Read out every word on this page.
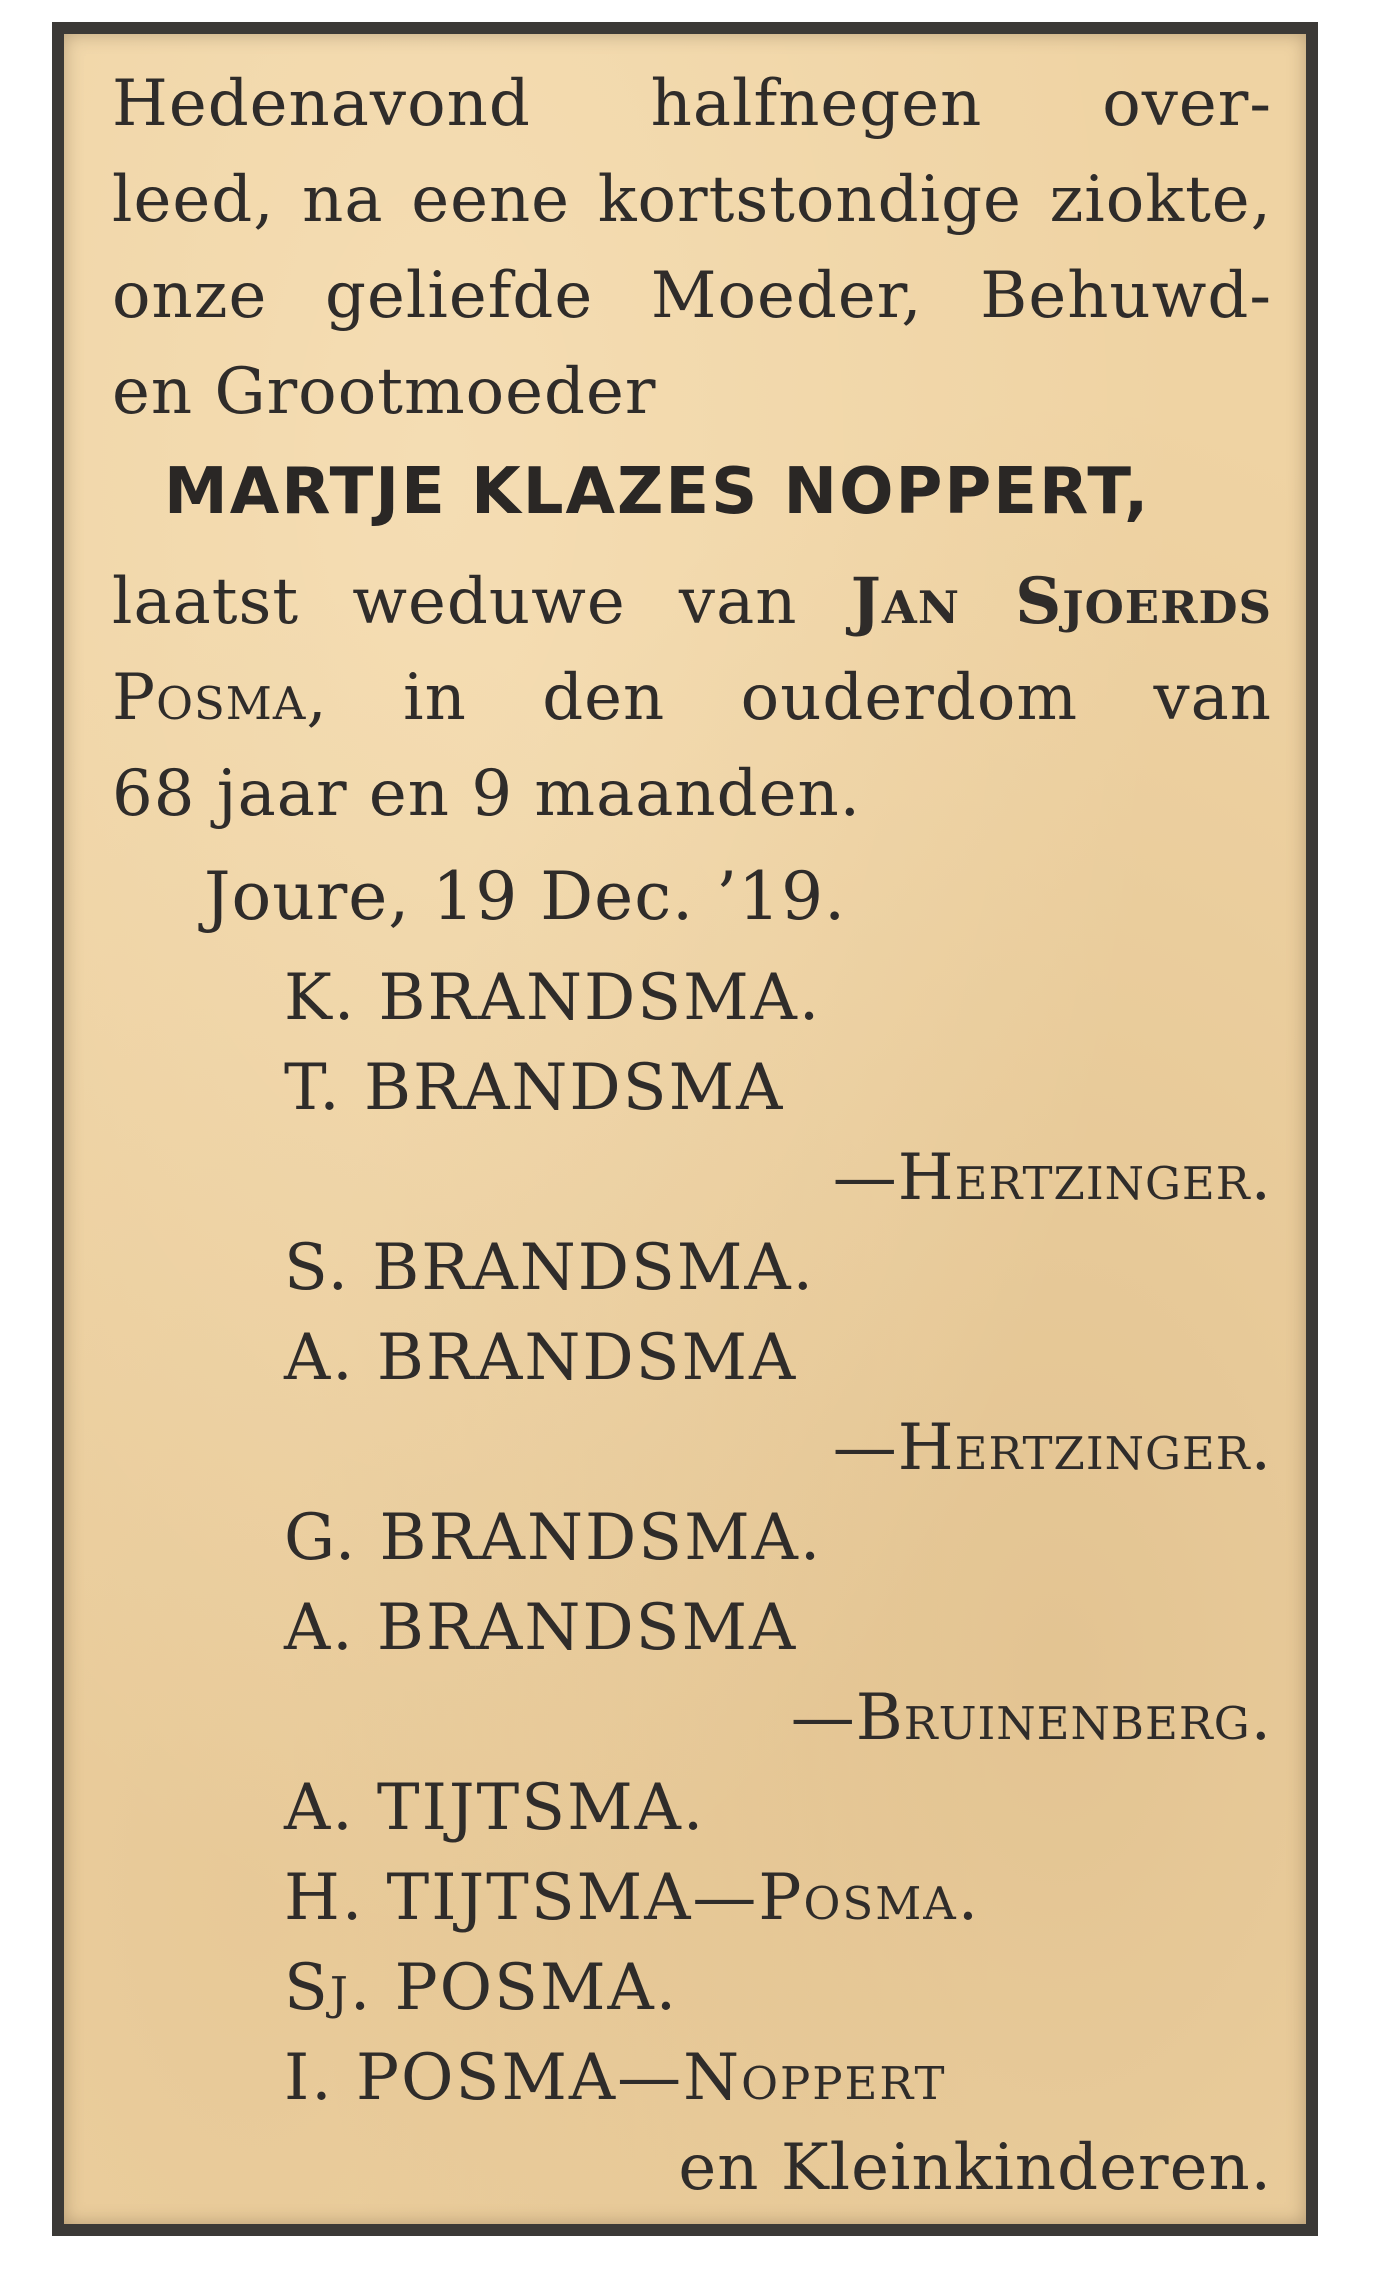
Hedenavond halfnegen over-
leed, na eene kortstondige ziokte,
onze geliefde Moeder, Behuwd-
en Grootmoeder
MARTJE KLAZES NOPPERT,
laatst weduwe van Jan Sjoerds
Posma, in den ouderdom van
68 jaar en 9 maanden.
Joure, 19 Dec. ’19.
K. BRANDSMA.
T. BRANDSMA
—Hertzinger.
S. BRANDSMA.
A. BRANDSMA
—Hertzinger.
G. BRANDSMA.
A. BRANDSMA
—Bruinenberg.
A. TIJTSMA.
H. TIJTSMA—Posma.
Sj. POSMA.
I. POSMA—Noppert
en Kleinkinderen.
